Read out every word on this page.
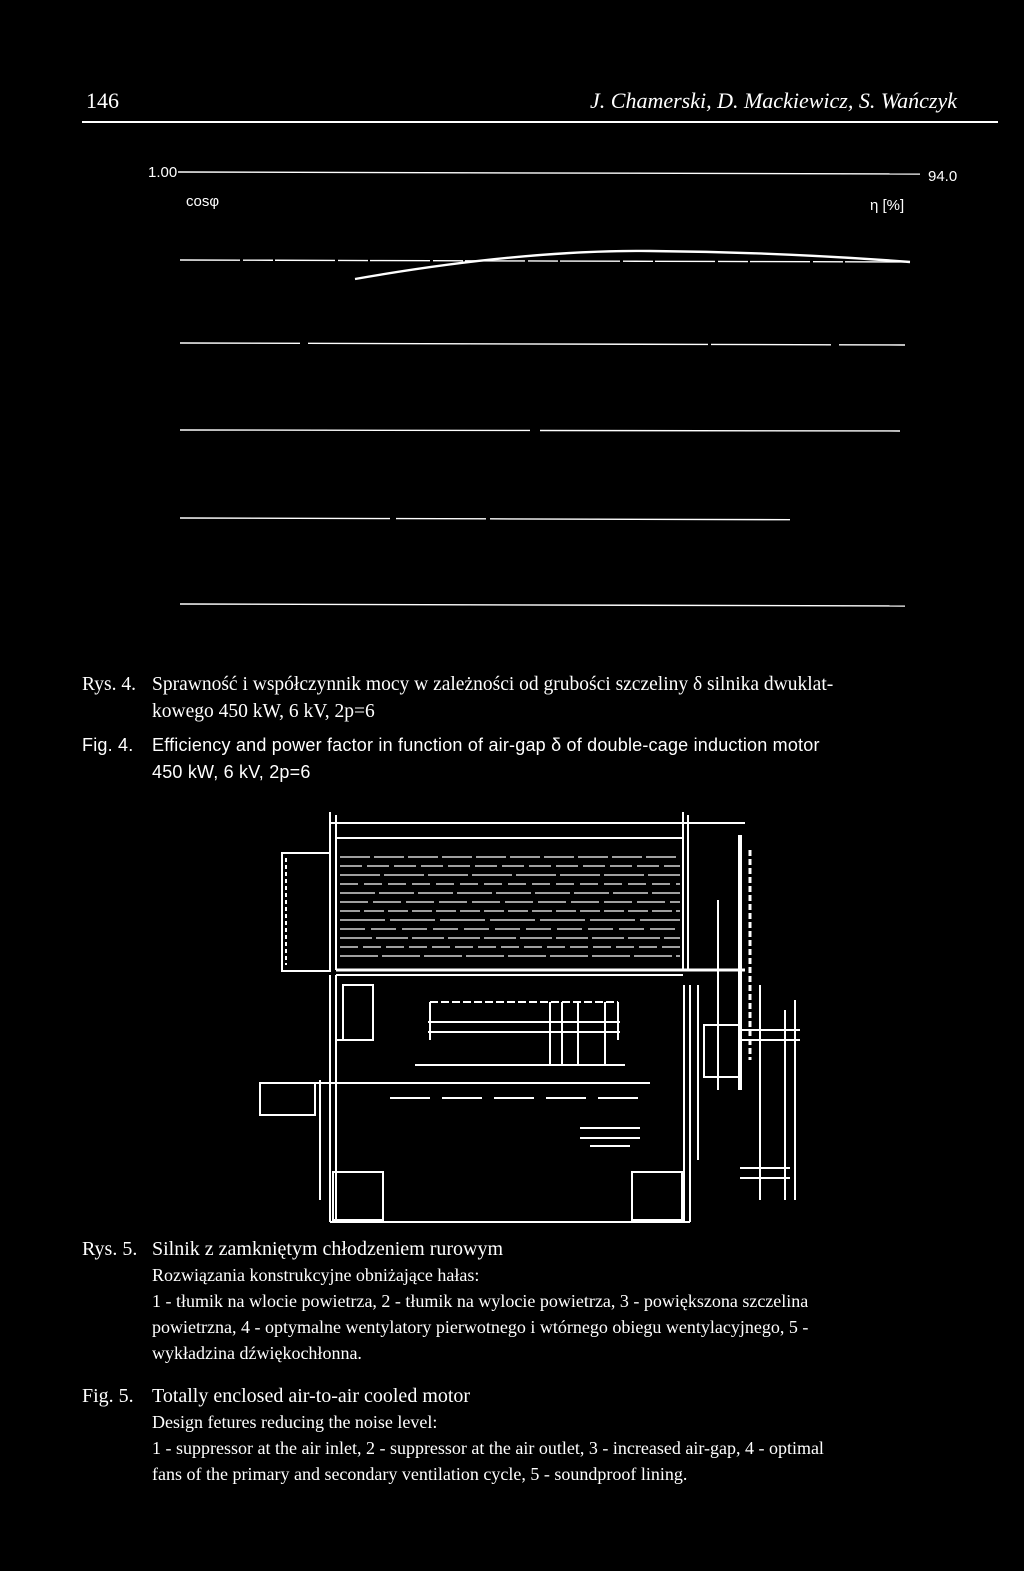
146	J. Chamerski, D. Mackiewicz, S. Wańczyk
1.00
cosφ
94.0
η [%]
Rys. 4. Sprawność i współczynnik mocy w zależności od grubości szczeliny δ silnika dwuklat-
kowego 450 kW, 6 kV, 2p=6
Fig. 4. Efficiency and power factor in function of air-gap δ of double-cage induction motor
450 kW, 6 kV, 2p=6
Rys. 5. Silnik z zamkniętym chłodzeniem rurowym
Rozwiązania konstrukcyjne obniżające hałas:
1 - tłumik na wlocie powietrza, 2 - tłumik na wylocie powietrza, 3 - powiększona szczelina
powietrzna, 4 - optymalne wentylatory pierwotnego i wtórnego obiegu wentylacyjnego, 5 -
wykładzina dźwiękochłonna.
Fig. 5. Totally enclosed air-to-air cooled motor
Design fetures reducing the noise level:
1 - suppressor at the air inlet, 2 - suppressor at the air outlet, 3 - increased air-gap, 4 - optimal
fans of the primary and secondary ventilation cycle, 5 - soundproof lining.
